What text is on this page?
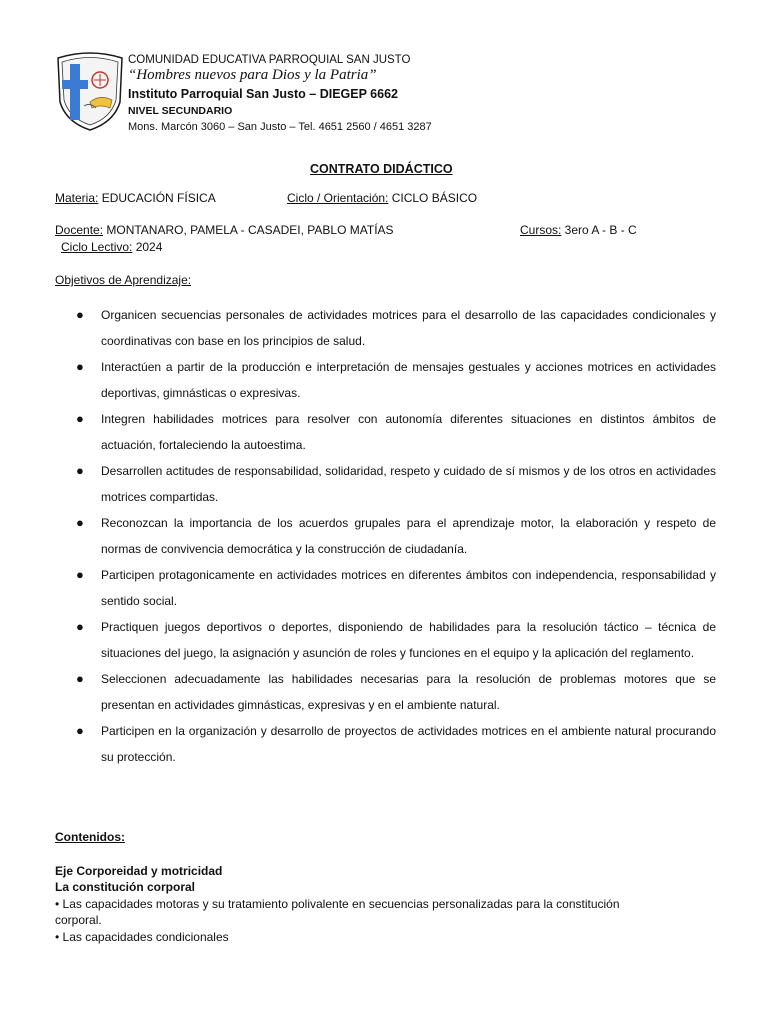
COMUNIDAD EDUCATIVA PARROQUIAL SAN JUSTO
“Hombres nuevos para Dios y la Patria”
Instituto Parroquial San Justo – DIEGEP 6662
NIVEL SECUNDARIO
Mons. Marcón 3060 – San Justo – Tel. 4651 2560 / 4651 3287
CONTRATO DIDÁCTICO
Materia: EDUCACIÓN FÍSICA	Ciclo / Orientación: CICLO BÁSICO
Docente: MONTANARO, PAMELA - CASADEI, PABLO MATÍAS	Cursos: 3ero A - B - C
Ciclo Lectivo: 2024
Objetivos de Aprendizaje:
● Organicen secuencias personales de actividades motrices para el desarrollo de las capacidades condicionales y coordinativas con base en los principios de salud.
● Interactúen a partir de la producción e interpretación de mensajes gestuales y acciones motrices en actividades deportivas, gimnásticas o expresivas.
● Integren habilidades motrices para resolver con autonomía diferentes situaciones en distintos ámbitos de actuación, fortaleciendo la autoestima.
● Desarrollen actitudes de responsabilidad, solidaridad, respeto y cuidado de sí mismos y de los otros en actividades motrices compartidas.
● Reconozcan la importancia de los acuerdos grupales para el aprendizaje motor, la elaboración y respeto de normas de convivencia democrática y la construcción de ciudadanía.
● Participen protagonicamente en actividades motrices en diferentes ámbitos con independencia, responsabilidad y sentido social.
● Practiquen juegos deportivos o deportes, disponiendo de habilidades para la resolución táctico – técnica de situaciones del juego, la asignación y asunción de roles y funciones en el equipo y la aplicación del reglamento.
● Seleccionen adecuadamente las habilidades necesarias para la resolución de problemas motores que se presentan en actividades gimnásticas, expresivas y en el ambiente natural.
● Participen en la organización y desarrollo de proyectos de actividades motrices en el ambiente natural procurando su protección.
Contenidos:
Eje Corporeidad y motricidad
La constitución corporal
• Las capacidades motoras y su tratamiento polivalente en secuencias personalizadas para la constitución
corporal.
• Las capacidades condicionales
